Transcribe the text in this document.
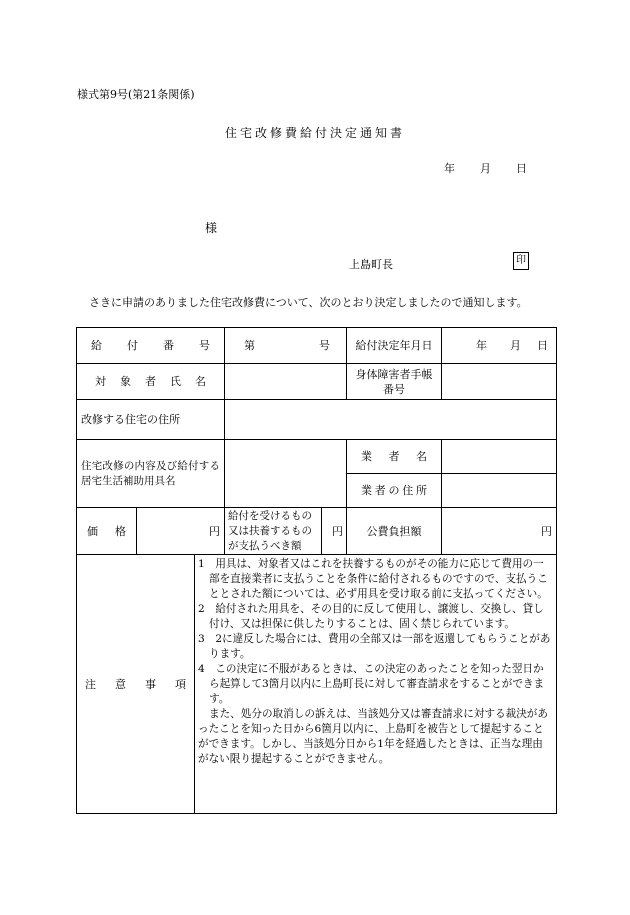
様式第9号(第21条関係)
住宅改修費給付決定通知書
年 月 日
様
上島町長	印
さきに申請のありました住宅改修費について、次のとおり決定しましたので通知します。
給付番号			第 号		給付決定年月日	年 月 日

対象者氏名					身体障害者手帳番号	
改修する住宅の住所						
住宅改修の内容及び給付する居宅生活補助用具名					業者名	
					業者の住所	
価格	円		給付を受けるもの又は扶養するものが支払うべき額	円	公費負担額	円
注意事項		1　用具は、対象者又はこれを扶養するものがその能力に応じて費用の一部を直接業者に支払うことを条件に給付されるものですので、支払うこととされた額については、必ず用具を受け取る前に支払ってください。

2　給付された用具を、その目的に反して使用し、譲渡し、交換し、貸し付け、又は担保に供したりすることは、固く禁じられています。

3　2に違反した場合には、費用の全部又は一部を返還してもらうことがあります。

4　この決定に不服があるときは、この決定のあったことを知った翌日から起算して3箇月以内に上島町長に対して審査請求をすることができます。

また、処分の取消しの訴えは、当該処分又は審査請求に対する裁決があったことを知った日から6箇月以内に、上島町を被告として提起することができます。しかし、当該処分日から1年を経過したときは、正当な理由がない限り提起することができません。				
